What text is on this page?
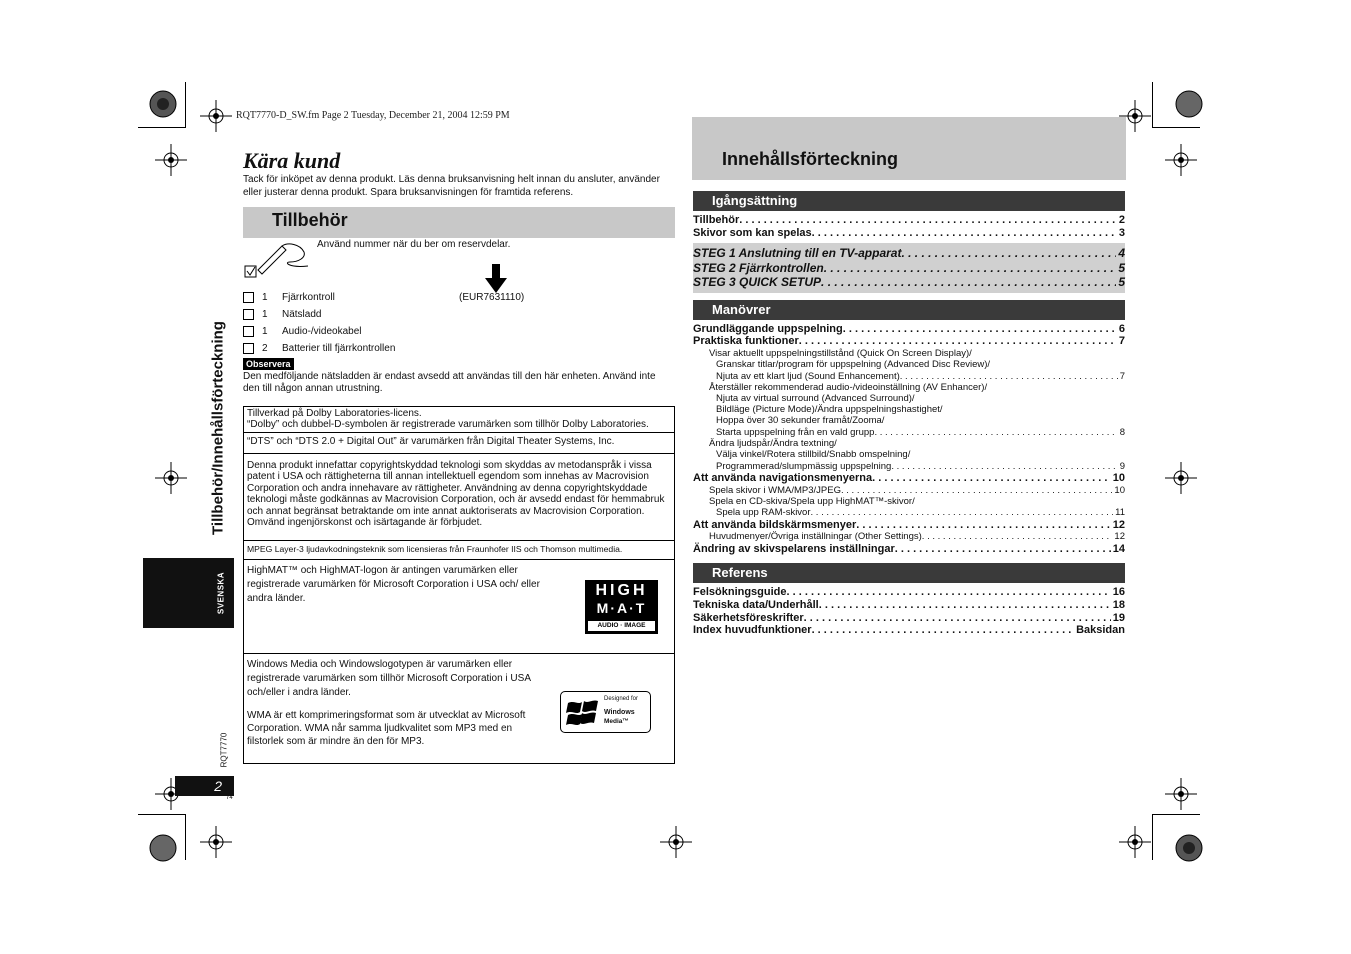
RQT7770-D_SW.fm Page 2 Tuesday, December 21, 2004 12:59 PM
Kära kund
Tack för inköpet av denna produkt. Läs denna bruksanvisning helt innan du ansluter, använder eller justerar denna produkt. Spara bruksanvisningen för framtida referens.
Tillbehör
Använd nummer när du ber om reservdelar.
1 Fjärrkontroll	(EUR7631110)
1 Nätsladd
1 Audio-/videokabel
2 Batterier till fjärrkontrollen
Observera
Den medföljande nätsladden är endast avsedd att användas till den här enheten. Använd inte den till någon annan utrustning.
Tillverkad på Dolby Laboratories-licens.
“Dolby” och dubbel-D-symbolen är registrerade varumärken som tillhör Dolby Laboratories.
“DTS” och “DTS 2.0 + Digital Out” är varumärken från Digital Theater Systems, Inc.
Denna produkt innefattar copyrightskyddad teknologi som skyddas av metodanspråk i vissa patent i USA och rättigheterna till annan intellektuell egendom som innehas av Macrovision Corporation och andra innehavare av rättigheter. Användning av denna copyrightskyddade teknologi måste godkännas av Macrovision Corporation, och är avsedd endast för hemmabruk och annat begränsat betraktande om inte annat auktoriserats av Macrovision Corporation. Omvänd ingenjörskonst och isärtagande är förbjudet.
MPEG Layer-3 ljudavkodningsteknik som licensieras från Fraunhofer IIS och Thomson multimedia.
HighMAT™ och HighMAT-logon är antingen varumärken eller registrerade varumärken för Microsoft Corporation i USA och/ eller andra länder.	HIGH
M·A·T
AUDIO · IMAGE
Windows Media och Windowslogotypen är varumärken eller registrerade varumärken som tillhör Microsoft Corporation i USA och/eller i andra länder.
WMA är ett komprimeringsformat som är utvecklat av Microsoft Corporation. WMA når samma ljudkvalitet som MP3 med en filstorlek som är mindre än den för MP3.
Designed for
Windows
Media™
Tillbehör/Innehållsförteckning
SVENSKA
RQT7770
2
74
Innehållsförteckning
Igångsättning
Tillbehör . . .	2
Skivor som kan spelas . . .	3
STEG 1 Anslutning till en TV-apparat . . .	4
STEG 2 Fjärrkontrollen . . .	5
STEG 3 QUICK SETUP . . .	5
Manövrer
Grundläggande uppspelning . . .	6
Praktiska funktioner . . .	7
Visar aktuellt uppspelningstillstånd (Quick On Screen Display)/
Granskar titlar/program för uppspelning (Advanced Disc Review)/
Njuta av ett klart ljud (Sound Enhancement) . . .	7
Återställer rekommenderad audio-/videoinställning (AV Enhancer)/
Njuta av virtual surround (Advanced Surround)/
Bildläge (Picture Mode)/Ändra uppspelningshastighet/
Hoppa över 30 sekunder framåt/Zooma/
Starta uppspelning från en vald grupp . . .	8
Ändra ljudspår/Ändra textning/
Välja vinkel/Rotera stillbild/Snabb omspelning/
Programmerad/slumpmässig uppspelning . . .	9
Att använda navigationsmenyerna . . .	10
Spela skivor i WMA/MP3/JPEG . . .	10
Spela en CD-skiva/Spela upp HighMAT™-skivor/
Spela upp RAM-skivor . . .	11
Att använda bildskärmsmenyer . . .	12
Huvudmenyer/Övriga inställningar (Other Settings) . . .	12
Ändring av skivspelarens inställningar . . .	14
Referens
Felsökningsguide . . .	16
Tekniska data/Underhåll . . .	18
Säkerhetsföreskrifter . . .	19
Index huvudfunktioner . . .	Baksidan
